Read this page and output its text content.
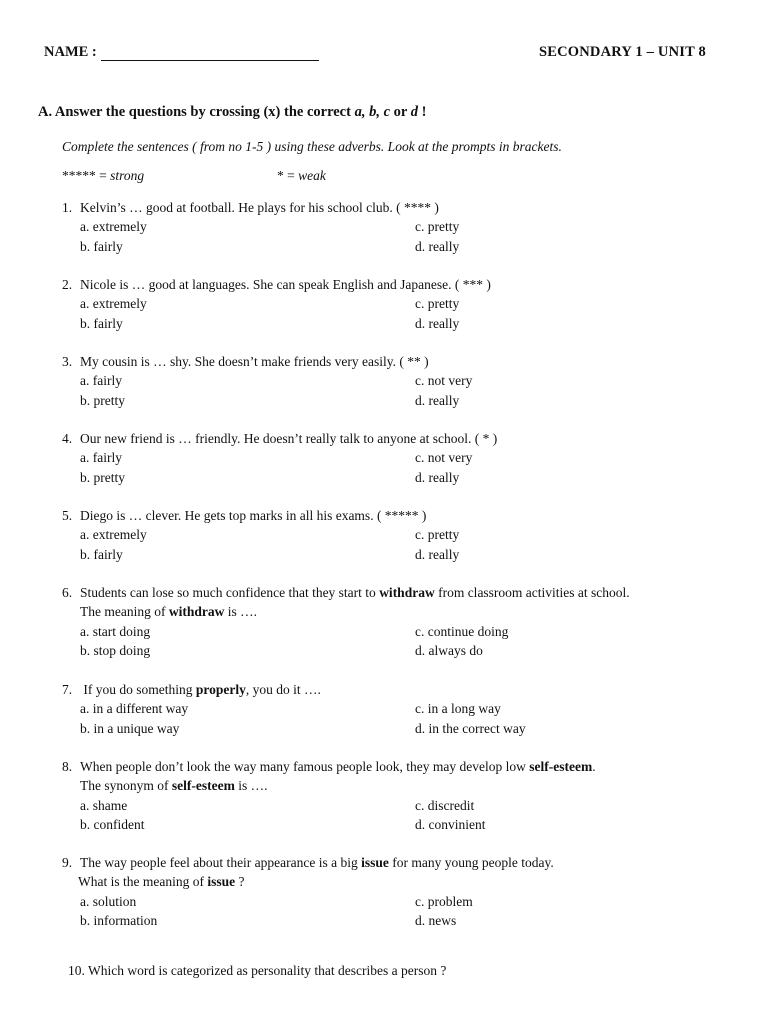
NAME :	SECONDARY 1 – UNIT 8
A. Answer the questions by crossing (x) the correct a, b, c or d !
Complete the sentences ( from no 1-5 ) using these adverbs. Look at the prompts in brackets.
***** = strong	* = weak
1. Kelvin’s … good at football. He plays for his school club. ( **** )
a. extremely	c. pretty
b. fairly	d. really
2. Nicole is … good at languages. She can speak English and Japanese. ( *** )
a. extremely	c. pretty
b. fairly	d. really
3. My cousin is … shy. She doesn’t make friends very easily. ( ** )
a. fairly	c. not very
b. pretty	d. really
4. Our new friend is … friendly. He doesn’t really talk to anyone at school. ( * )
a. fairly	c. not very
b. pretty	d. really
5. Diego is … clever. He gets top marks in all his exams. ( ***** )
a. extremely	c. pretty
b. fairly	d. really
6. Students can lose so much confidence that they start to withdraw from classroom activities at school.
The meaning of withdraw is ….
a. start doing	c. continue doing
b. stop doing	d. always do
7. If you do something properly, you do it ….
a. in a different way	c. in a long way
b. in a unique way	d. in the correct way
8. When people don’t look the way many famous people look, they may develop low self-esteem.
The synonym of self-esteem is ….
a. shame	c. discredit
b. confident	d. convinient
9. The way people feel about their appearance is a big issue for many young people today.
What is the meaning of issue ?
a. solution	c. problem
b. information	d. news
10. Which word is categorized as personality that describes a person ?
